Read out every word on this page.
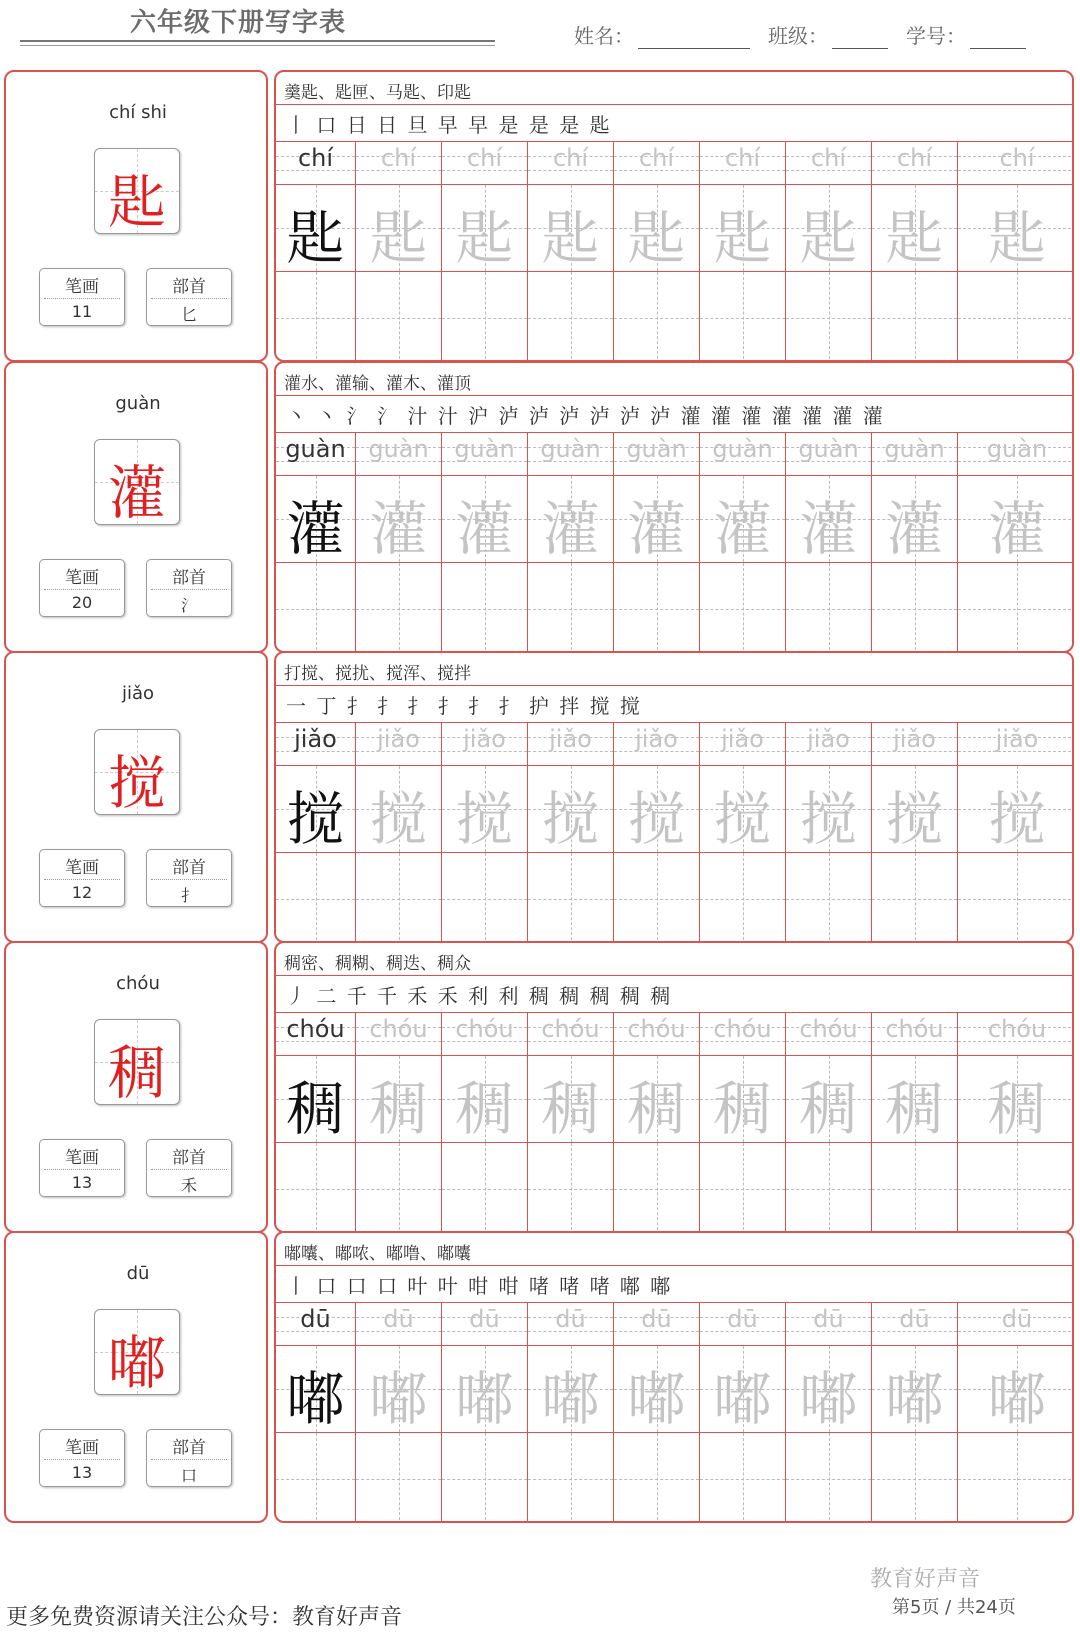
六年级下册写字表	姓名：	班级：	学号：
chí shi
匙
笔画
11
部首
匕
羹匙、匙匣、马匙、印匙
丨 口 日 日 旦 早 早 是 是 是 匙
chí
匙
chí
匙
chí
匙
chí
匙
chí
匙
chí
匙
chí
匙
chí
匙
chí
匙
guàn
灌
笔画
20
部首
氵
灌水、灌输、灌木、灌顶
丶 丶 氵 氵 汁 汁 沪 泸 泸 泸 泸 泸 泸 灌 灌 灌 灌 灌 灌 灌
guàn
灌
guàn
灌
guàn
灌
guàn
灌
guàn
灌
guàn
灌
guàn
灌
guàn
灌
guàn
灌
jiǎo
搅
笔画
12
部首
扌
打搅、搅扰、搅浑、搅拌
一 丁 扌 扌 扌 扌 扌 扌 护 拌 搅 搅
jiǎo
搅
jiǎo
搅
jiǎo
搅
jiǎo
搅
jiǎo
搅
jiǎo
搅
jiǎo
搅
jiǎo
搅
jiǎo
搅
chóu
稠
笔画
13
部首
禾
稠密、稠糊、稠迭、稠众
丿 二 千 千 禾 禾 利 利 稠 稠 稠 稠 稠
chóu
稠
chóu
稠
chóu
稠
chóu
稠
chóu
稠
chóu
稠
chóu
稠
chóu
稠
chóu
稠
dū
嘟
笔画
13
部首
口
嘟囔、嘟哝、嘟噜、嘟囔
丨 口 口 口 叶 叶 咁 咁 啫 啫 啫 嘟 嘟
dū
嘟
dū
嘟
dū
嘟
dū
嘟
dū
嘟
dū
嘟
dū
嘟
dū
嘟
dū
嘟
更多免费资源请关注公众号：教育好声音
教育好声音
第5页 / 共24页
